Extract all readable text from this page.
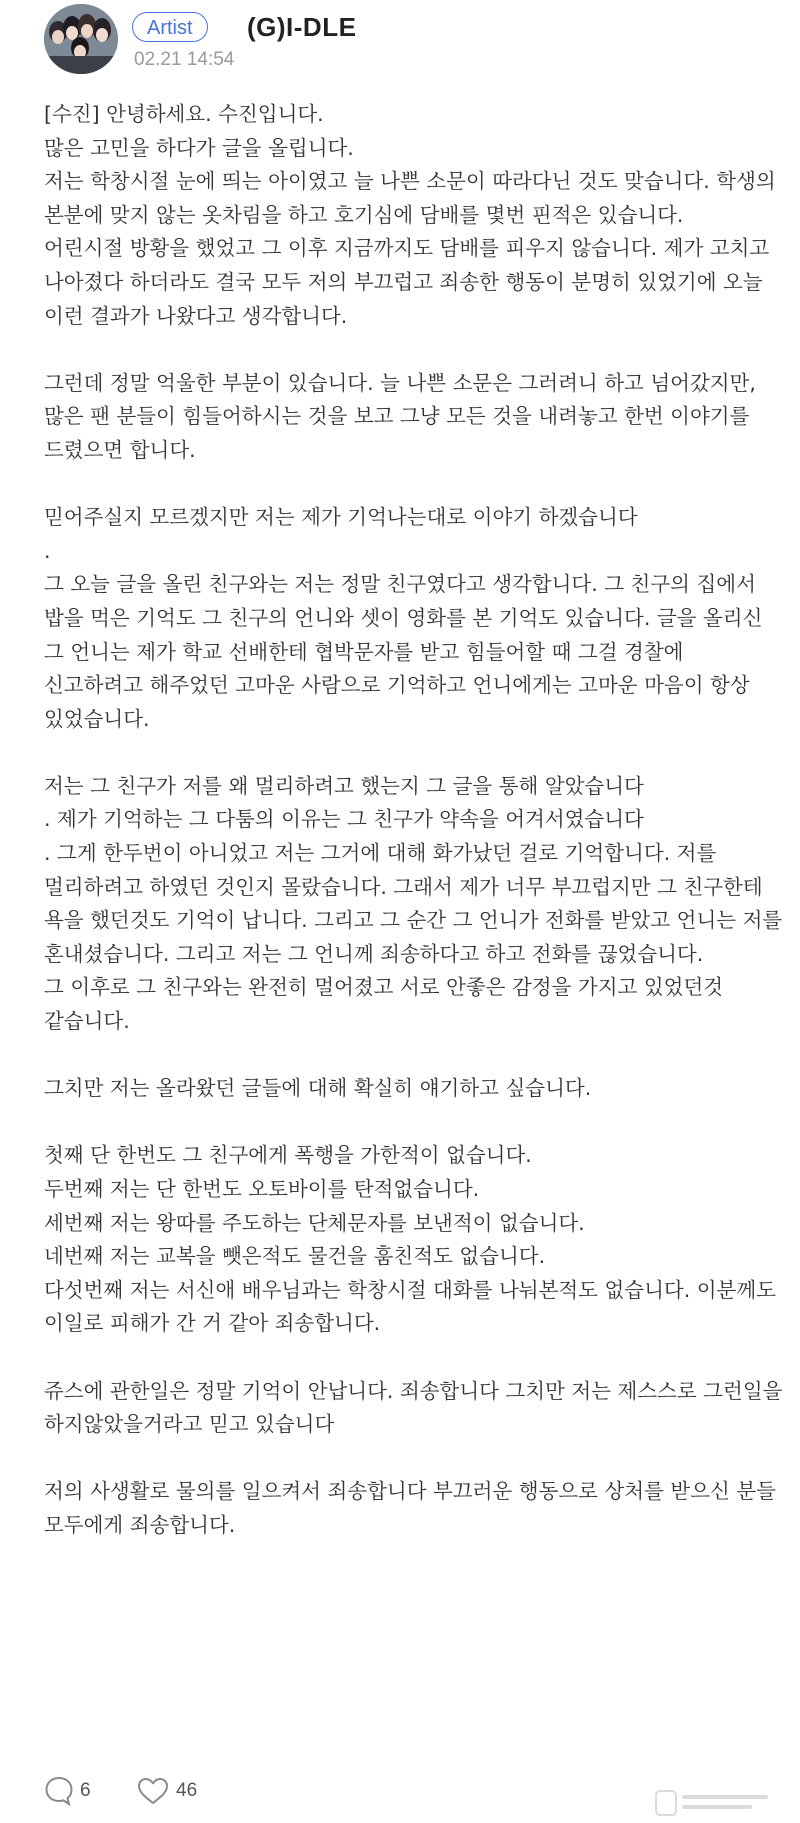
Artist	(G)I-DLE
02.21 14:54

[수진] 안녕하세요. 수진입니다.
많은 고민을 하다가 글을 올립니다.
저는 학창시절 눈에 띄는 아이였고 늘 나쁜 소문이 따라다닌 것도 맞습니다. 학생의 본분에 맞지 않는 옷차림을 하고 호기심에 담배를 몇번 핀적은 있습니다.
어린시절 방황을 했었고 그 이후 지금까지도 담배를 피우지 않습니다. 제가 고치고 나아졌다 하더라도 결국 모두 저의 부끄럽고 죄송한 행동이 분명히 있었기에 오늘 이런 결과가 나왔다고 생각합니다.

그런데 정말 억울한 부분이 있습니다. 늘 나쁜 소문은 그러려니 하고 넘어갔지만, 많은 팬 분들이 힘들어하시는 것을 보고 그냥 모든 것을 내려놓고 한번 이야기를 드렸으면 합니다.

믿어주실지 모르겠지만 저는 제가 기억나는대로 이야기 하겠습니다
.
그 오늘 글을 올린 친구와는 저는 정말 친구였다고 생각합니다. 그 친구의 집에서 밥을 먹은 기억도 그 친구의 언니와 셋이 영화를 본 기억도 있습니다. 글을 올리신 그 언니는 제가 학교 선배한테 협박문자를 받고 힘들어할 때 그걸 경찰에 신고하려고 해주었던 고마운 사람으로 기억하고 언니에게는 고마운 마음이 항상 있었습니다.

저는 그 친구가 저를 왜 멀리하려고 했는지 그 글을 통해 알았습니다
. 제가 기억하는 그 다툼의 이유는 그 친구가 약속을 어겨서였습니다
. 그게 한두번이 아니었고 저는 그거에 대해 화가났던 걸로 기억합니다. 저를 멀리하려고 하였던 것인지 몰랐습니다. 그래서 제가 너무 부끄럽지만 그 친구한테 욕을 했던것도 기억이 납니다. 그리고 그 순간 그 언니가 전화를 받았고 언니는 저를 혼내셨습니다. 그리고 저는 그 언니께 죄송하다고 하고 전화를 끊었습니다.
그 이후로 그 친구와는 완전히 멀어졌고 서로 안좋은 감정을 가지고 있었던것 같습니다.

그치만 저는 올라왔던 글들에 대해 확실히 얘기하고 싶습니다.

첫째 단 한번도 그 친구에게 폭행을 가한적이 없습니다.
두번째 저는 단 한번도 오토바이를 탄적없습니다.
세번째 저는 왕따를 주도하는 단체문자를 보낸적이 없습니다.
네번째 저는 교복을 뺏은적도 물건을 훔친적도 없습니다.
다섯번째 저는 서신애 배우님과는 학창시절 대화를 나눠본적도 없습니다. 이분께도 이일로 피해가 간 거 같아 죄송합니다.

쥬스에 관한일은 정말 기억이 안납니다. 죄송합니다 그치만 저는 제스스로 그런일을 하지않았을거라고 믿고 있습니다

저의 사생활로 물의를 일으켜서 죄송합니다 부끄러운 행동으로 상처를 받으신 분들 모두에게 죄송합니다.

6	46
